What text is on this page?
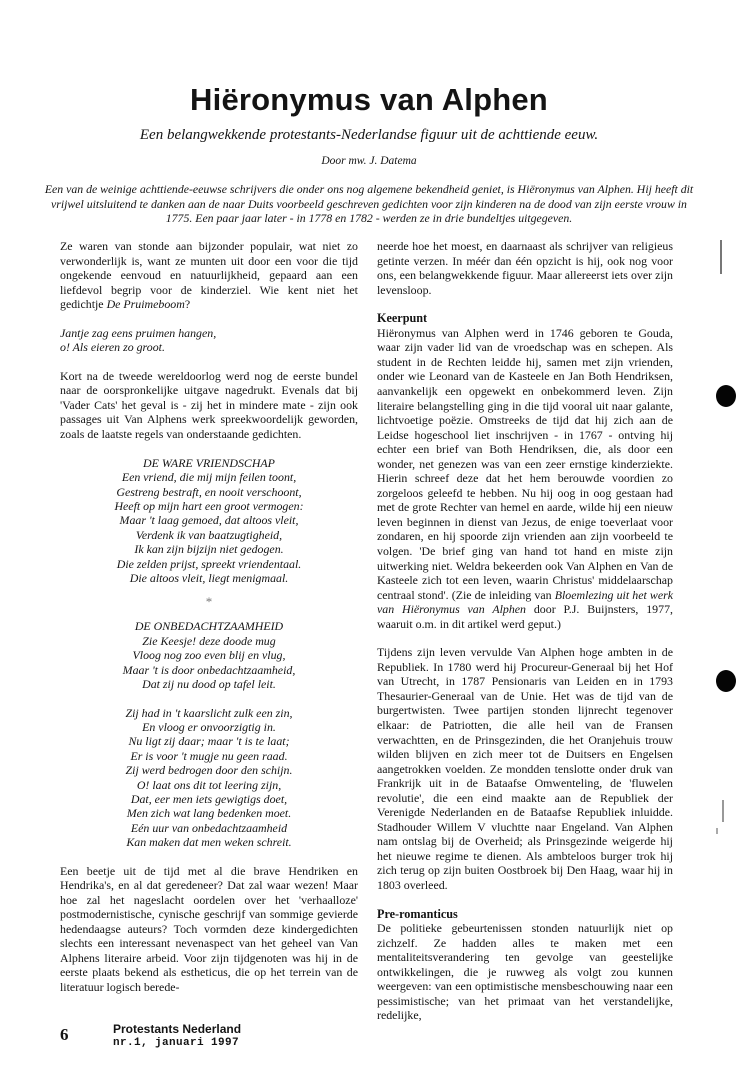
Hiëronymus van Alphen

Een belangwekkende protestants-Nederlandse figuur uit de achttiende eeuw.

Door mw. J. Datema

Een van de weinige achttiende-eeuwse schrijvers die onder ons nog algemene bekendheid geniet, is Hiëronymus van Alphen. Hij heeft dit vrijwel uitsluitend te danken aan de naar Duits voorbeeld geschreven gedichten voor zijn kinderen na de dood van zijn eerste vrouw in 1775. Een paar jaar later - in 1778 en 1782 - werden ze in drie bundeltjes uitgegeven.

Ze waren van stonde aan bijzonder populair, wat niet zo verwonderlijk is, want ze munten uit door een voor die tijd ongekende eenvoud en natuurlijkheid, gepaard aan een liefdevol begrip voor de kinderziel. Wie kent niet het gedichtje De Pruimeboom?

Jantje zag eens pruimen hangen,

o! Als eieren zo groot.

Kort na de tweede wereldoorlog werd nog de eerste bundel naar de oorspronkelijke uitgave nagedrukt. Evenals dat bij 'Vader Cats' het geval is - zij het in mindere mate - zijn ook passages uit Van Alphens werk spreekwoordelijk geworden, zoals de laatste regels van onderstaande gedichten.

DE WARE VRIENDSCHAP
Een vriend, die mij mijn feilen toont,
Gestreng bestraft, en nooit verschoont,
Heeft op mijn hart een groot vermogen:
Maar 't laag gemoed, dat altoos vleit,
Verdenk ik van baatzugtigheid,
Ik kan zijn bijzijn niet gedogen.
Die zelden prijst, spreekt vriendentaal.
Die altoos vleit, liegt menigmaal.
*
DE ONBEDACHTZAAMHEID
Zie Keesje! deze doode mug
Vloog nog zoo even blij en vlug,
Maar 't is door onbedachtzaamheid,
Dat zij nu dood op tafel leit.
Zij had in 't kaarslicht zulk een zin,
En vloog er onvoorzigtig in.
Nu ligt zij daar; maar 't is te laat;
Er is voor 't mugje nu geen raad.
Zij werd bedrogen door den schijn.
O! laat ons dit tot leering zijn,
Dat, eer men iets gewigtigs doet,
Men zich wat lang bedenken moet.
Eén uur van onbedachtzaamheid
Kan maken dat men weken schreit.

Een beetje uit de tijd met al die brave Hendriken en Hendrika's, en al dat geredeneer? Dat zal waar wezen! Maar hoe zal het nageslacht oordelen over het 'verhaalloze' postmodernistische, cynische geschrijf van sommige gevierde hedendaagse auteurs? Toch vormden deze kindergedichten slechts een interessant nevenaspect van het geheel van Van Alphens literaire arbeid. Voor zijn tijdgenoten was hij in de eerste plaats bekend als estheticus, die op het terrein van de literatuur logisch berede-

neerde hoe het moest, en daarnaast als schrijver van religieus getinte verzen. In méér dan één opzicht is hij, ook nog voor ons, een belangwekkende figuur. Maar allereerst iets over zijn levensloop.

Keerpunt

Hiëronymus van Alphen werd in 1746 geboren te Gouda, waar zijn vader lid van de vroedschap was en schepen. Als student in de Rechten leidde hij, samen met zijn vrienden, onder wie Leonard van de Kasteele en Jan Both Hendriksen, aanvankelijk een opgewekt en onbekommerd leven. Zijn literaire belangstelling ging in die tijd vooral uit naar galante, lichtvoetige poëzie. Omstreeks de tijd dat hij zich aan de Leidse hogeschool liet inschrijven - in 1767 - ontving hij echter een brief van Both Hendriksen, die, als door een wonder, net genezen was van een zeer ernstige kinderziekte. Hierin schreef deze dat het hem berouwde voordien zo zorgeloos geleefd te hebben. Nu hij oog in oog gestaan had met de grote Rechter van hemel en aarde, wilde hij een nieuw leven beginnen in dienst van Jezus, de enige toeverlaat voor zondaren, en hij spoorde zijn vrienden aan zijn voorbeeld te volgen. 'De brief ging van hand tot hand en miste zijn uitwerking niet. Weldra bekeerden ook Van Alphen en Van de Kasteele zich tot een leven, waarin Christus' middelaarschap centraal stond'. (Zie de inleiding van Bloemlezing uit het werk van Hiëronymus van Alphen door P.J. Buijnsters, 1977, waaruit o.m. in dit artikel werd geput.)

Tijdens zijn leven vervulde Van Alphen hoge ambten in de Republiek. In 1780 werd hij Procureur-Generaal bij het Hof van Utrecht, in 1787 Pensionaris van Leiden en in 1793 Thesaurier-Generaal van de Unie. Het was de tijd van de burgertwisten. Twee partijen stonden lijnrecht tegenover elkaar: de Patriotten, die alle heil van de Fransen verwachtten, en de Prinsgezinden, die het Oranjehuis trouw wilden blijven en zich meer tot de Duitsers en Engelsen aangetrokken voelden. Ze mondden tenslotte onder druk van Frankrijk uit in de Bataafse Omwenteling, de 'fluwelen revolutie', die een eind maakte aan de Republiek der Verenigde Nederlanden en de Bataafse Republiek inluidde. Stadhouder Willem V vluchtte naar Engeland. Van Alphen nam ontslag bij de Overheid; als Prinsgezinde weigerde hij het nieuwe regime te dienen. Als ambteloos burger trok hij zich terug op zijn buiten Oostbroek bij Den Haag, waar hij in 1803 overleed.

Pre-romanticus

De politieke gebeurtenissen stonden natuurlijk niet op zichzelf. Ze hadden alles te maken met een mentaliteitsverandering ten gevolge van geestelijke ontwikkelingen, die je ruwweg als volgt zou kunnen weergeven: van een optimistische mensbeschouwing naar een pessimistische; van het primaat van het verstandelijke, redelijke,

6	Protestants Nederland

nr.1, januari 1997
